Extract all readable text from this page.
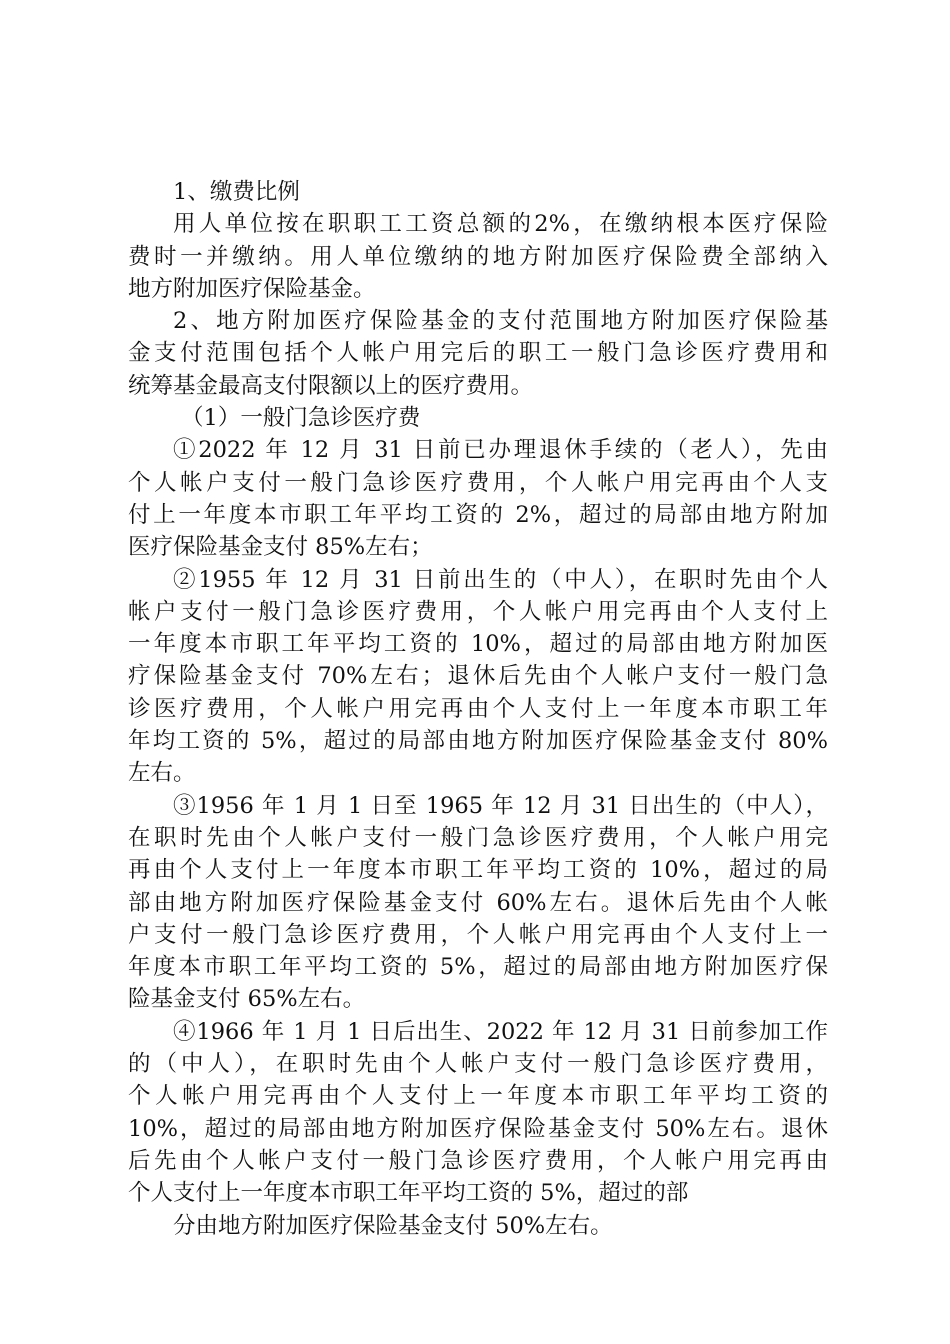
1、缴费比例
用人单位按在职职工工资总额的2%，在缴纳根本医疗保险
费时一并缴纳。用人单位缴纳的地方附加医疗保险费全部纳入
地方附加医疗保险基金。
2、地方附加医疗保险基金的支付范围地方附加医疗保险基
金支付范围包括个人帐户用完后的职工一般门急诊医疗费用和
统筹基金最高支付限额以上的医疗费用。
（1）一般门急诊医疗费
①2022 年 12 月 31 日前已办理退休手续的（老人），先由
个人帐户支付一般门急诊医疗费用，个人帐户用完再由个人支
付上一年度本市职工年平均工资的 2%，超过的局部由地方附加
医疗保险基金支付 85%左右；
②1955 年 12 月 31 日前出生的（中人），在职时先由个人
帐户支付一般门急诊医疗费用，个人帐户用完再由个人支付上
一年度本市职工年平均工资的 10%，超过的局部由地方附加医
疗保险基金支付 70%左右；退休后先由个人帐户支付一般门急
诊医疗费用，个人帐户用完再由个人支付上一年度本市职工年
年均工资的 5%，超过的局部由地方附加医疗保险基金支付 80%
左右。
③1956 年 1 月 1 日至 1965 年 12 月 31 日出生的（中人），
在职时先由个人帐户支付一般门急诊医疗费用，个人帐户用完
再由个人支付上一年度本市职工年平均工资的 10%，超过的局
部由地方附加医疗保险基金支付 60%左右。退休后先由个人帐
户支付一般门急诊医疗费用，个人帐户用完再由个人支付上一
年度本市职工年平均工资的 5%，超过的局部由地方附加医疗保
险基金支付 65%左右。
④1966 年 1 月 1 日后出生、2022 年 12 月 31 日前参加工作
的（中人），在职时先由个人帐户支付一般门急诊医疗费用，
个人帐户用完再由个人支付上一年度本市职工年平均工资的
10%，超过的局部由地方附加医疗保险基金支付 50%左右。退休
后先由个人帐户支付一般门急诊医疗费用，个人帐户用完再由
个人支付上一年度本市职工年平均工资的 5%，超过的部
分由地方附加医疗保险基金支付 50%左右。
